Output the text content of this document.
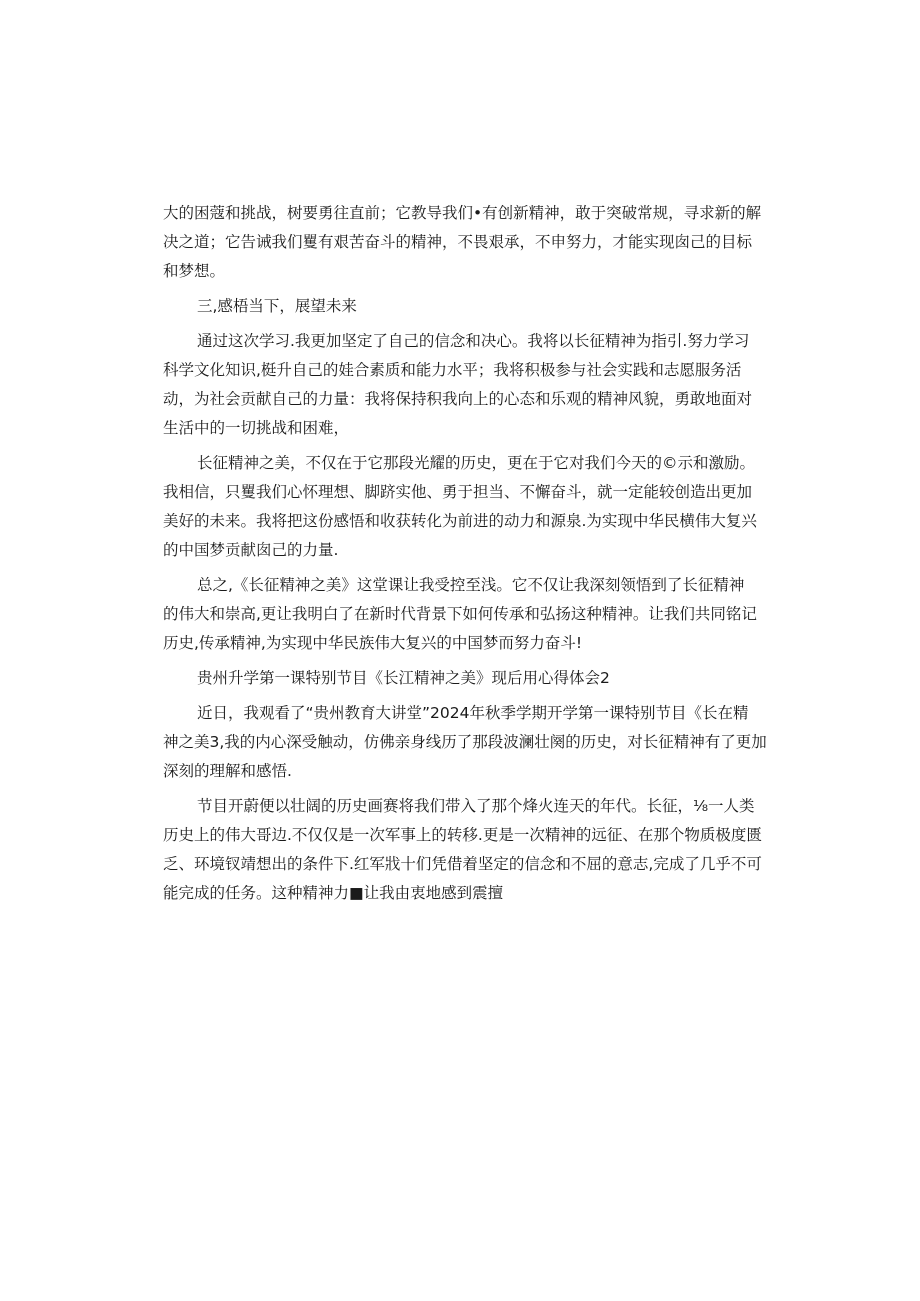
大的困蔻和挑战，树要勇往直前；它教导我们•有创新精神，敢于突破常规，寻求新的解
决之道；它告诫我们矍有艰苦奋斗的精神，不畏艰承，不申努力，才能实现囱己的目标
和梦想。
三,感梧当下，展望未来
通过这次学习.我更加坚定了自己的信念和决心。我将以长征精神为指引.努力学习
科学文化知识,梃升自己的娃合素质和能力水平；我将积极参与社会实践和志愿服务活
动，为社会贡献自己的力量：我将保持积我向上的心态和乐观的精神风貌，勇敢地面对
生活中的一切挑战和困难，
长征精神之美，不仅在于它那段光耀的历史，更在于它对我们今天的©示和激励。
我相信，只矍我们心怀理想、脚跻实他、勇于担当、不懈奋斗，就一定能较创造出更加
美好的未来。我将把这份感悟和收获转化为前进的动力和源泉.为实现中华民横伟大复兴
的中国梦贡献囱己的力量.
总之,《长征精神之美》这堂课让我受控至浅。它不仅让我深刻领悟到了长征精神
的伟大和崇高,更让我明白了在新时代背景下如何传承和弘扬这种精神。让我们共同铭记
历史,传承精神,为实现中华民族伟大复兴的中国梦而努力奋斗!
贵州升学第一课特别节目《长江精神之美》现后用心得体会2
近日，我观看了“贵州教育大讲堂”2024年秋季学期开学第一课特别节目《长在精
神之美3,我的内心深受触动，仿佛亲身线历了那段波澜壮阕的历史，对长征精神有了更加
深刻的理解和感悟.
节目开蔚便以壮阔的历史画赛将我们带入了那个烽火连天的年代。长征，⅛一人类
历史上的伟大哥边.不仅仅是一次军事上的转移.更是一次精神的远征、在那个物质极度匮
乏、环境钗靖想出的条件下.红军戕十们凭借着坚定的信念和不屈的意志,完成了几乎不可
能完成的任务。这种精神力■让我由衷地感到震擅
